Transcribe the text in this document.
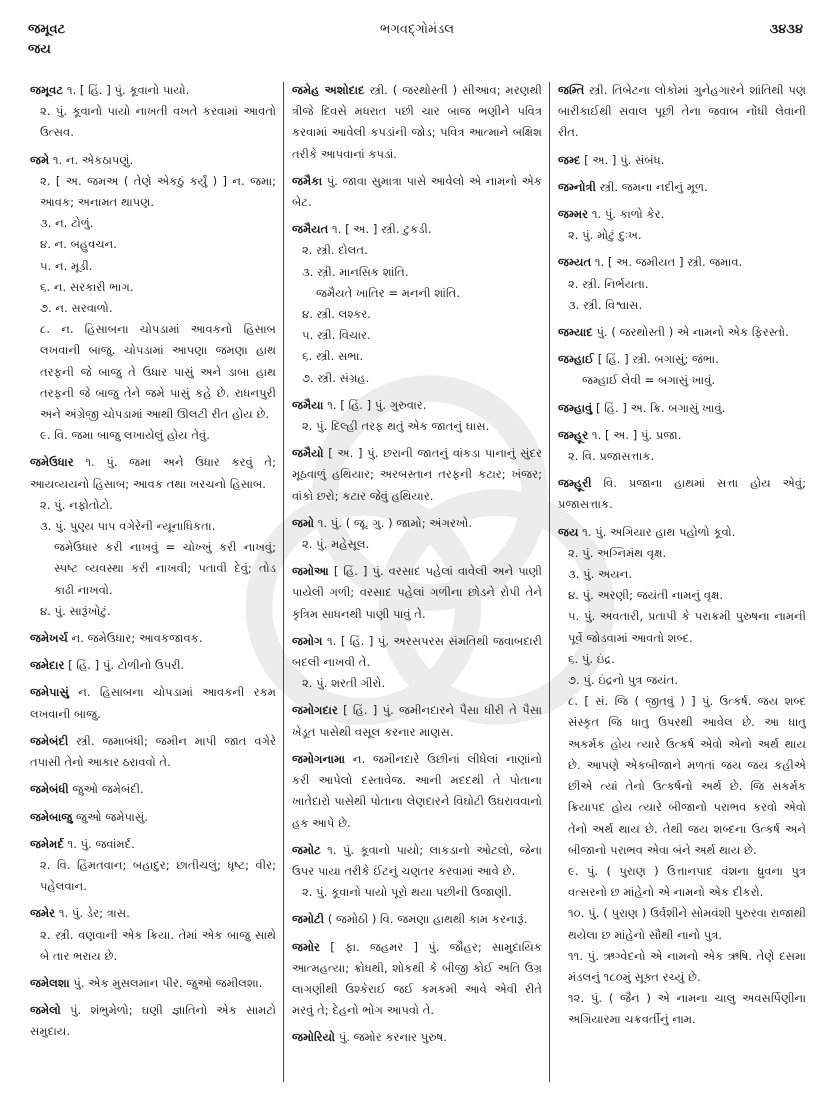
જમૂવટ
જય
ભગવદ્ગોમંડલ	૩૪૩૪
જમૂવટ ૧. [ હિં. ] પું. કૂવાનો પાયો.
૨. પું. કૂવાનો પાયો નાખતી વખતે કરવામાં આવતો ઉત્સવ.
જમે ૧. ન. એકઠાપણું.
૨. [ અ. જમઅ ( તેણે એકઠું કર્યું ) ] ન. જમા; આવક; અનામત થાપણ.
૩. ન. ટોળું.
૪. ન. બહુવચન.
૫. ન. મૂડી.
૬. ન. સરકારી ભાગ.
૭. ન. સરવાળો.
૮. ન. હિસાબના ચોપડામાં આવકનો હિસાબ લખવાની બાજુ. ચોપડામાં આપણા જમણા હાથ તરફની જે બાજુ તે ઉધાર પાસું અને ડાબા હાથ તરફની જે બાજુ તેને જમે પાસું કહે છે. રાધનપુરી અને અંગ્રેજી ચોપડામાં આથી ઊલટી રીત હોય છે.
૯. વિ. જમા બાજુ લખાયેલું હોય તેવું.
જમેઉધાર ૧. પું. જમા અને ઉધાર કરવું તે; આયવ્યયનો હિસાબ; આવક તથા ખરચનો હિસાબ.
૨. પું. નફોતોટો.
૩. પું. પુણ્ય પાપ વગેરેની ન્યૂનાધિકતા.
જમેઉધાર કરી નાખવું = ચોખ્ખું કરી નાખવું; સ્પષ્ટ વ્યવસ્થા કરી નાખવી; પતાવી દેવું; તોડ કાઢી નાખવો.
૪. પું. સારૂંખોટું.
જમેખર્ચ ન. જમેઉધાર; આવકજાવક.
જમેદાર [ હિં. ] પું. ટોળીનો ઉપરી.
જમેપાસું ન. હિસાબના ચોપડામાં આવકની રકમ લખવાની બાજુ.
જમેબંદી સ્ત્રી. જમાબંધી; જમીન માપી જાત વગેરે તપાસી તેનો આકાર ઠરાવવો તે.
જમેબંધી જુઓ જમેબંદી.
જમેબાજુ જુઓ જમેપાસું.
જમેમર્દ ૧. પું. જવાંમર્દ.
૨. વિ. હિંમતવાન; બહાદુર; છાતીચલું; ધૃષ્ટ; વીર; પહેલવાન.
જમેર ૧. પું. ડેર; ત્રાસ.
૨. સ્ત્રી. વણવાની એક ક્રિયા. તેમાં એક બાજુ સાથે બે તાર ભરાય છે.
જમેલશા પું. એક મુસલમાન પીર. જુઓ જમીલશા.
જમેલો પું. શંભુમેળો; ઘણી જ્ઞાતિનો એક સામટો સમુદાય.
જમેહ અશોદાદ સ્ત્રી. ( જરથોસ્તી ) સીઆવ; મરણથી ત્રીજે દિવસે મધરાત પછી ચાર બાજ ભણીને પવિત્ર કરવામાં આવેલી કપડાંની જોડ; પવિત્ર આત્માને બક્ષિશ તરીકે આપવાનાં કપડાં.
જમૈકા પું. જાવા સુમાત્રા પાસે આવેલો એ નામનો એક બેટ.
જમૈયત ૧. [ અ. ] સ્ત્રી. ટુકડી.
૨. સ્ત્રી. દોલત.
૩. સ્ત્રી. માનસિક શાંતિ.
જમૈયતે ખાતિર = મનની શાંતિ.
૪. સ્ત્રી. લશ્કર.
૫. સ્ત્રી. વિચાર.
૬. સ્ત્રી. સભા.
૭. સ્ત્રી. સંગ્રહ.
જમૈયા ૧. [ હિં. ] પું. ગુરુવાર.
૨. પું. દિલ્હી તરફ થતું એક જાતનું ઘાસ.
જમૈયો [ અ. ] પું. છરાની જાતનું વાંકડા પાનાનું સુંદર મૂઠવાળું હથિયાર; અરબસ્તાન તરફની કટાર; ખંજર; વાંકો છરો; કટાર જેવું હથિયાર.
જમો ૧. પું. ( જૂ. ગુ. ) જામો; અંગરખો.
૨. પું. મહેસૂલ.
જમોઆ [ હિં. ] પું. વરસાદ પહેલાં વાવેલી અને પાણી પાયેલી ગળી; વરસાદ પહેલાં ગળીના છોડને રોપી તેને કૃત્રિમ સાધનથી પાણી પાવું તે.
જમોગ ૧. [ હિં. ] પું. અરસપરસ સંમતિથી જવાબદારી બદલી નાખવી તે.
૨. પું. શરતી ગીરો.
જમોગદાર [ હિં. ] પું. જમીનદારને પૈસા ધીરી તે પૈસા ખેડૂત પાસેથી વસૂલ કરનાર માણસ.
જમોગનામા ન. જમીનદારે ઉછીનાં લીધેલાં નાણાંનો કરી આપેલો દસ્તાવેજ. આની મદદથી તે પોતાના ખાતેદારો પાસેથી પોતાના લેણદારને વિઘોટી ઉઘરાવવાનો હક આપે છે.
જમોટ ૧. પું. કૂવાનો પાયો; લાકડાનો ઓટલો, જેના ઉપર પાયા તરીકે ઈંટનું ચણતર કરવામાં આવે છે.
૨. પું. કૂવાનો પાયો પૂરો થયા પછીની ઉજાણી.
જમોટી ( જમોઠી ) વિ. જમણા હાથથી કામ કરનારૂં.
જમોર [ ફા. જહમર ] પું. જૌહર; સામુદાયિક આત્મહત્યા; ક્રોધથી, શોકથી કે બીજી કોઈ અતિ ઉગ્ર લાગણીથી ઉશ્કેરાઈ જઈ કમકમી આવે એવી રીતે મરવું તે; દેહનો ભોગ આપવો તે.
જમોરિયો પું. જમોર કરનાર પુરુષ.
જમ્તિ સ્ત્રી. તિબેટના લોકોમાં ગુનેહગારને શાંતિથી પણ બારીકાઈથી સવાલ પૂછી તેના જવાબ નોંધી લેવાની રીત.
જમ્દ [ અ. ] પું. સંબંધ.
જમ્નોત્રી સ્ત્રી. જમના નદીનું મૂળ.
જમ્મર ૧. પું. કાળો કેર.
૨. પું. મોટું દુઃખ.
જમ્યત ૧. [ અ. જમીયત ] સ્ત્રી. જમાવ.
૨. સ્ત્રી. નિર્ભયતા.
૩. સ્ત્રી. વિશ્વાસ.
જમ્યાદ પું. ( જરથોસ્તી ) એ નામનો એક ફિરસ્તો.
જમ્હાઈ [ હિં. ] સ્ત્રી. બગાસું; જંભા.
જમ્હાઈ લેવી = બગાસું ખાવું.
જમ્હાવું [ હિં. ] અ. ક્રિ. બગાસું ખાવું.
જમ્હૂર ૧. [ અ. ] પું. પ્રજા.
૨. વિ. પ્રજાસત્તાક.
જમ્હૂરી વિ. પ્રજાના હાથમાં સત્તા હોય એવું; પ્રજાસત્તાક.
જય ૧. પું. અગિયાર હાથ પહોળો કૂવો.
૨. પું. અગ્નિમંથ વૃક્ષ.
૩. પું. અયન.
૪. પું. અરણી; જયંતી નામનું વૃક્ષ.
૫. પું. અવતારી, પ્રતાપી કે પરાક્રમી પુરુષના નામની પૂર્વે જોડવામાં આવતો શબ્દ.
૬. પું. ઇંદ્ર.
૭. પું. ઇંદ્રનો પુત્ર જયંત.
૮. [ સં. જિ ( જીતવું ) ] પું. ઉત્કર્ષ. જય શબ્દ સંસ્કૃત જિ ધાતુ ઉપરથી આવેલ છે. આ ધાતુ અકર્મક હોય ત્યારે ઉત્કર્ષ એવો એનો અર્થ થાય છે. આપણે એકબીજાને મળતાં જય જય કહીએ છીએ ત્યાં તેનો ઉત્કર્ષનો અર્થ છે. જિ સકર્મક ક્રિયાપદ હોય ત્યારે બીજાનો પરાભવ કરવો એવો તેનો અર્થ થાય છે. તેથી જય શબ્દના ઉત્કર્ષ અને બીજાનો પરાભવ એવા બંને અર્થ થાય છે.
૯. પું. ( પુરાણ ) ઉત્તાનપાદ વંશના ધ્રુવના પુત્ર વત્સરનો છ માંહેનો એ નામનો એક દીકરો.
૧૦. પું. ( પુરાણ ) ઉર્વશીને સોમવંશી પુરુરવા રાજાથી થયેલા છ માંહેનો સૌથી નાનો પુત્ર.
૧૧. પું. ઋગ્વેદનો એ નામનો એક ઋષિ. તેણે દસમા મંડલનું ૧૮૦મું સૂક્ત રચ્યું છે.
૧૨. પું. ( જૈન ) એ નામના ચાલુ અવસર્પિણીના અગિયારમા ચક્રવર્તીનું નામ.
